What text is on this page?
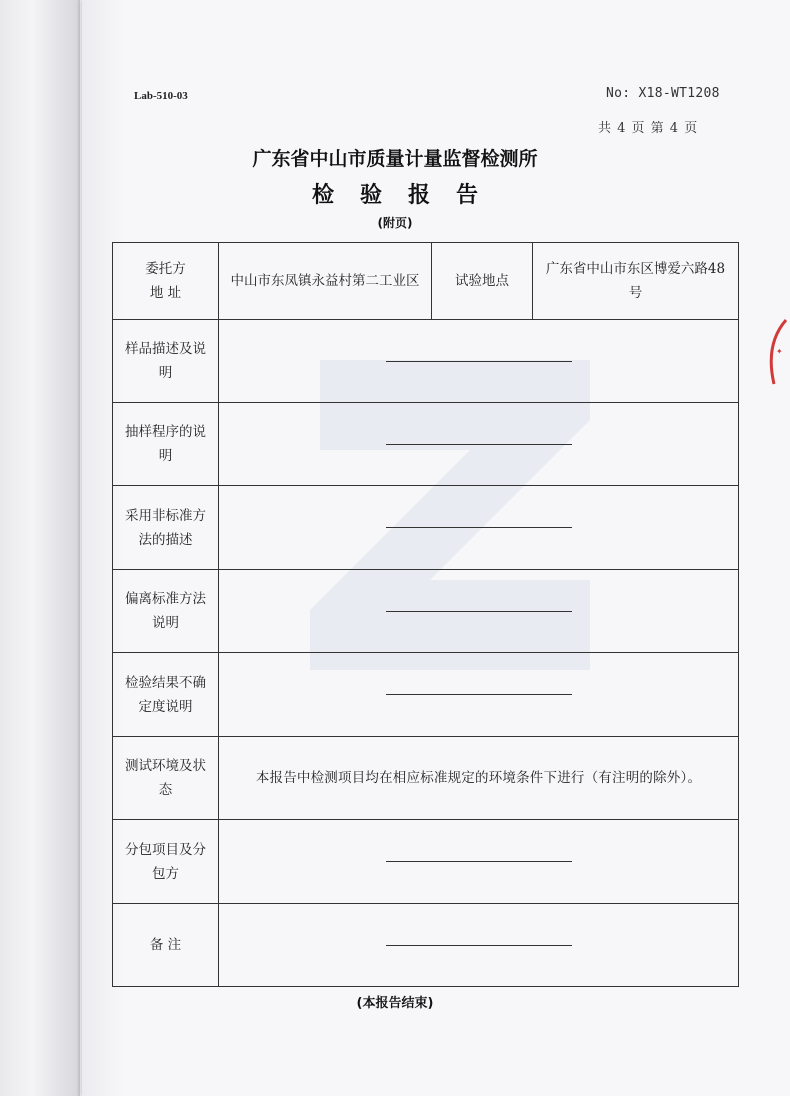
Lab-510-03	No: X18-WT1208
共 4 页 第 4 页
广东省中山市质量计量监督检测所
检验报告
(附页)
委托方
地 址	中山市东凤镇永益村第二工业区	试验地点	广东省中山市东区博爱六路48号
样品描述及说明			

抽样程序的说明			

采用非标准方法的描述			

偏离标准方法说明			

检验结果不确定度说明			

测试环境及状态	本报告中检测项目均在相应标准规定的环境条件下进行（有注明的除外）。		
分包项目及分包方			

备 注			
(本报告结束)
✦
